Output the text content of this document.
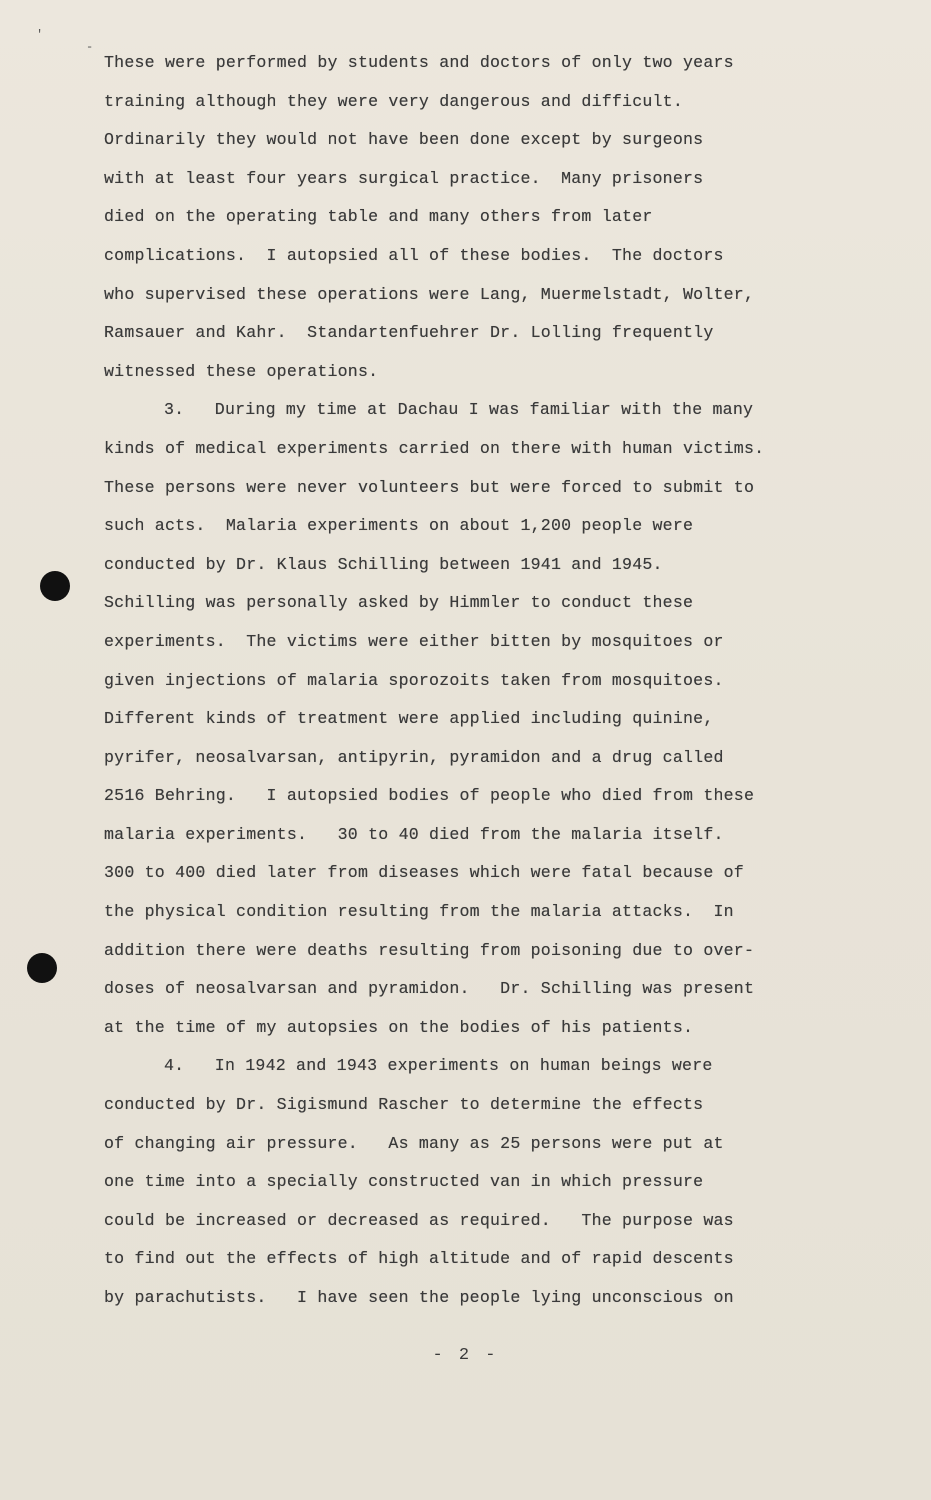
'
-
These were performed by students and doctors of only two years
training although they were very dangerous and difficult.
Ordinarily they would not have been done except by surgeons
with at least four years surgical practice.  Many prisoners
died on the operating table and many others from later
complications.  I autopsied all of these bodies.  The doctors
who supervised these operations were Lang, Muermelstadt, Wolter,
Ramsauer and Kahr.  Standartenfuehrer Dr. Lolling frequently
witnessed these operations.
3.   During my time at Dachau I was familiar with the many
kinds of medical experiments carried on there with human victims.
These persons were never volunteers but were forced to submit to
such acts.  Malaria experiments on about 1,200 people were
conducted by Dr. Klaus Schilling between 1941 and 1945.
Schilling was personally asked by Himmler to conduct these
experiments.  The victims were either bitten by mosquitoes or
given injections of malaria sporozoits taken from mosquitoes.
Different kinds of treatment were applied including quinine,
pyrifer, neosalvarsan, antipyrin, pyramidon and a drug called
2516 Behring.   I autopsied bodies of people who died from these
malaria experiments.   30 to 40 died from the malaria itself.
300 to 400 died later from diseases which were fatal because of
the physical condition resulting from the malaria attacks.  In
addition there were deaths resulting from poisoning due to over-
doses of neosalvarsan and pyramidon.   Dr. Schilling was present
at the time of my autopsies on the bodies of his patients.
4.   In 1942 and 1943 experiments on human beings were
conducted by Dr. Sigismund Rascher to determine the effects
of changing air pressure.   As many as 25 persons were put at
one time into a specially constructed van in which pressure
could be increased or decreased as required.   The purpose was
to find out the effects of high altitude and of rapid descents
by parachutists.   I have seen the people lying unconscious on
- 2 -
